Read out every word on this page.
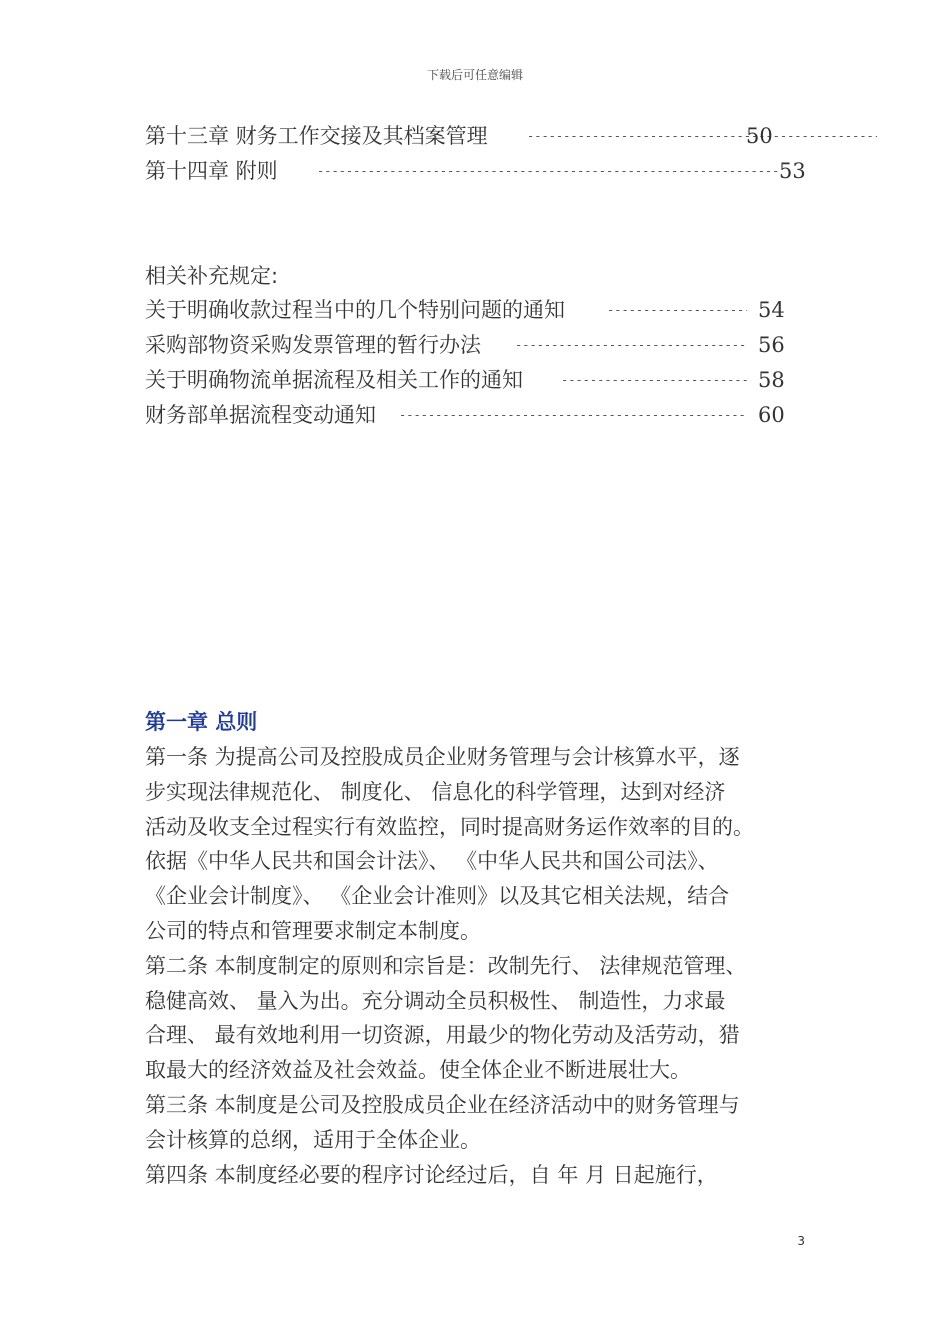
下载后可任意编辑
第十三章 财务工作交接及其档案管理 -----	50
第十四章 附则 -----	53
相关补充规定:
关于明确收款过程当中的几个特别问题的通知 -----	54
采购部物资采购发票管理的暂行办法 -----	56
关于明确物流单据流程及相关工作的通知 -----	58
财务部单据流程变动通知 -----	60
第一章 总则
第一条 为提高公司及控股成员企业财务管理与会计核算水平，逐
步实现法律规范化、 制度化、 信息化的科学管理，达到对经济
活动及收支全过程实行有效监控，同时提高财务运作效率的目的。
依据《中华人民共和国会计法》、 《中华人民共和国公司法》、
《企业会计制度》、 《企业会计准则》以及其它相关法规，结合
公司的特点和管理要求制定本制度。
第二条 本制度制定的原则和宗旨是：改制先行、 法律规范管理、
稳健高效、 量入为出。充分调动全员积极性、 制造性，力求最
合理、 最有效地利用一切资源，用最少的物化劳动及活劳动，猎
取最大的经济效益及社会效益。使全体企业不断进展壮大。
第三条 本制度是公司及控股成员企业在经济活动中的财务管理与
会计核算的总纲，适用于全体企业。
第四条 本制度经必要的程序讨论经过后，自 年 月 日起施行，
3
